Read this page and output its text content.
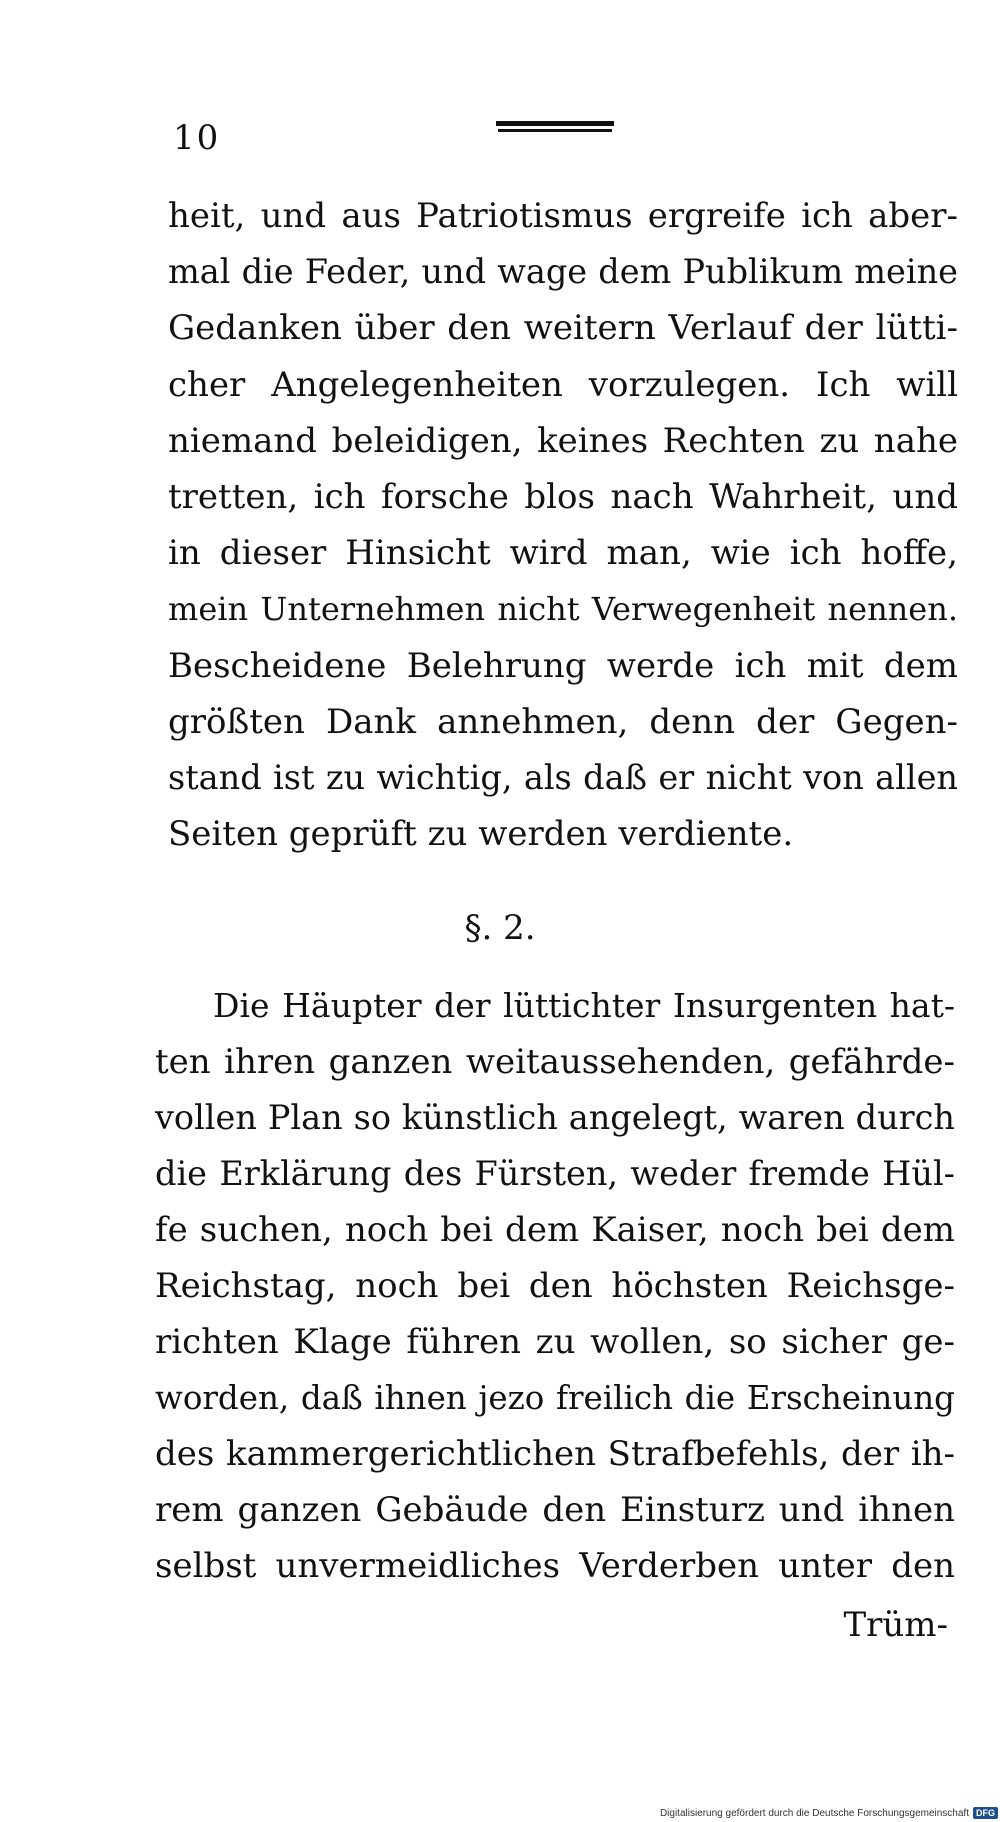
10
heit, und aus Patriotismus ergreife ich aber-
mal die Feder, und wage dem Publikum meine
Gedanken über den weitern Verlauf der lütti-
cher Angelegenheiten vorzulegen. Ich will
niemand beleidigen, keines Rechten zu nahe
tretten, ich forsche blos nach Wahrheit, und
in dieser Hinsicht wird man, wie ich hoffe,
mein Unternehmen nicht Verwegenheit nennen.
Bescheidene Belehrung werde ich mit dem
größten Dank annehmen, denn der Gegen-
stand ist zu wichtig, als daß er nicht von allen
Seiten geprüft zu werden verdiente.
§. 2.
Die Häupter der lüttichter Insurgenten hat-
ten ihren ganzen weitaussehenden, gefährde-
vollen Plan so künstlich angelegt, waren durch
die Erklärung des Fürsten, weder fremde Hül-
fe suchen, noch bei dem Kaiser, noch bei dem
Reichstag, noch bei den höchsten Reichsge-
richten Klage führen zu wollen, so sicher ge-
worden, daß ihnen jezo freilich die Erscheinung
des kammergerichtlichen Strafbefehls, der ih-
rem ganzen Gebäude den Einsturz und ihnen
selbst unvermeidliches Verderben unter den
Trüm-
Digitalisierung gefördert durch die Deutsche Forschungsgemeinschaft DFG
